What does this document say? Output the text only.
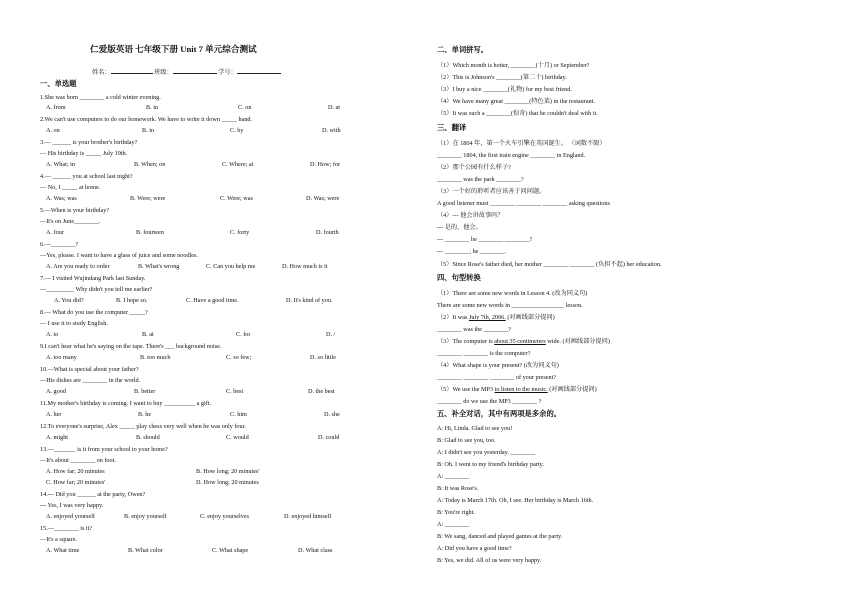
仁爱版英语 七年级下册 Unit 7 单元综合测试
姓名：	班级：	学号：
一、单选题
1.She was born ________ a cold winter evening.
A. from	B. in	C. on	D. at
2.We can't use computers to do our homework. We have to write it down _____ hand.
A. on	B. in	C. by	D. with
3.— ______ is your brother's birthday?
— His birthday is _____ July 19th.
A. What; in	B. When; on	C. Where; at	D. How; for
4.— ______ you at school last night?
— No, I _____ at home.
A. Was; was	B. Were; were	C. Were; was	D. Was; were
5.—When is your birthday?
—It's on June________.
A. four	B. fourteen	C. forty	D. fourth
6.—________?
—Yes, please. I want to have a glass of juice and some noodles.
A. Are you ready to order	B. What's wrong	C. Can you help me	D. How much is it
7.— I visited Wujindang Park last Sunday.
—_________ Why didn't you tell me earlier?
A. You did?	B. I hope so.	C. Have a good time.	D. It's kind of you.
8.— What do you use the computer _____?
— I use it to study English.
A. to	B. at	C. for	D. /
9.I can't hear what he's saying on the tape. There's ___ background noise.
A. too many	B. too much	C. so few;	D. so little
10.—What is special about your father?
—His dishes are ________ in the world.
A. good	B. better	C. best	D. the best
11.My mother's birthday is coming. I want to buy __________ a gift.
A. her	B. he	C. him	D. she
12.To everyone's surprise, Alex _____ play chess very well when he was only four.
A. might	B. should	C. would	D. could
13.—_______ is it from your school to your home?
—It's about ________ on foot.
A. How far; 20 minutes	B. How long; 20 minutes'
C. How far; 20 minutes'	D. How long; 20 minutes
14.--- Did you ______ at the party, Owen?
--- Yes, I was very happy.
A. enjoyed yourself	B. enjoy yourself	C. enjoy yourselves	D. enjoyed himself
15.—________ is it?
—It's a square.
A. What time	B. What color	C. What shape	D. What class
二、单词拼写。
（1）Which month is hotter, ________(十月) or September?
（2）This is Johnson's ________(第二十) birthday.
（3）I buy a nice ________(礼物) for my best friend.
（4）We have many great ________(特色菜) in the restaurant.
（5）It was such a ________(惊奇) that he couldn't deal with it.
三、翻译
（1）在 1804 年，第一个火车引擎在英国诞生。 （词数不限）
________ 1804, the first train engine ________ in England.
（2）那个公园有什么样子?
________ was the park ________?
（3）一个好的聆听者应该善于问问题。
A good listener must ________ ________ ________ asking questions
（4）--- 他会讲故事吗？
--- 是的，他会。
--- ________ he ________ ________?
--- ________, he ________.
（5）Since Rose's father died, her mother ________ ________ (负担不起) her education.
四、句型转换
（1）There are some new words in Lesson 4. (改为同义句)
There are some new words in _________________ lesson.
（2）It was July 7th, 2006. (对画线部分提问)
________ was the ________?
（3）The computer is about 35 centimeters wide. (对画线部分提问)
________ ________ is the computer?
（4）What shape is your present? (改为同义句)
________ ________ ________ of your present?
（5）We use the MP3 to listen to the music. (对画线部分提问)
________ do we use the MP3 ________ ?
五、补全对话，其中有两项是多余的。
A: Hi, Linda. Glad to see you!
B: Glad to see you, too.
A: I didn't see you yesterday. ________
B: Oh. I went to my friend's birthday party.
A: ________
B: It was Rose's.
A: Today is March 17th. Oh, I see. Her birthday is March 16th.
B: You're right.
A: ________
B: We sang, danced and played games at the party.
A: Did you have a good time?
B: Yes, we did. All of us were very happy.
